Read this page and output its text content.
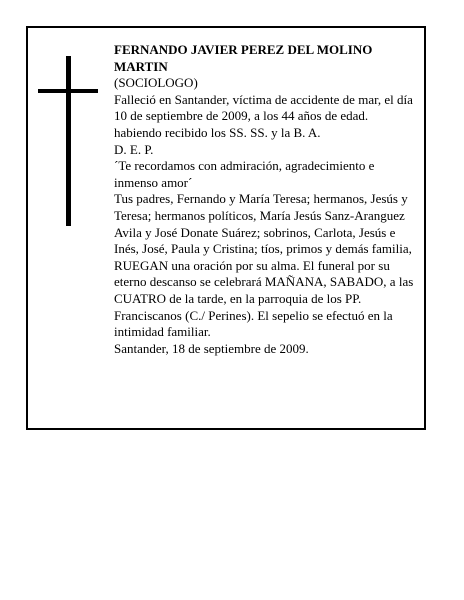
FERNANDO JAVIER PEREZ DEL MOLINO MARTIN

(SOCIOLOGO)

Falleció en Santander, víctima de accidente de mar, el día 10 de septiembre de 2009, a los 44 años de edad. habiendo recibido los SS. SS. y la B. A.

D. E. P.

´Te recordamos con admiración, agradecimiento e inmenso amor´

Tus padres, Fernando y María Teresa; hermanos, Jesús y Teresa; hermanos políticos, María Jesús Sanz-Aranguez Avila y José Donate Suárez; sobrinos, Carlota, Jesús e Inés, José, Paula y Cristina; tíos, primos y demás familia,

RUEGAN una oración por su alma. El funeral por su eterno descanso se celebrará MAÑANA, SABADO, a las CUATRO de la tarde, en la parroquia de los PP. Franciscanos (C./ Perines). El sepelio se efectuó en la intimidad familiar.

Santander, 18 de septiembre de 2009.
